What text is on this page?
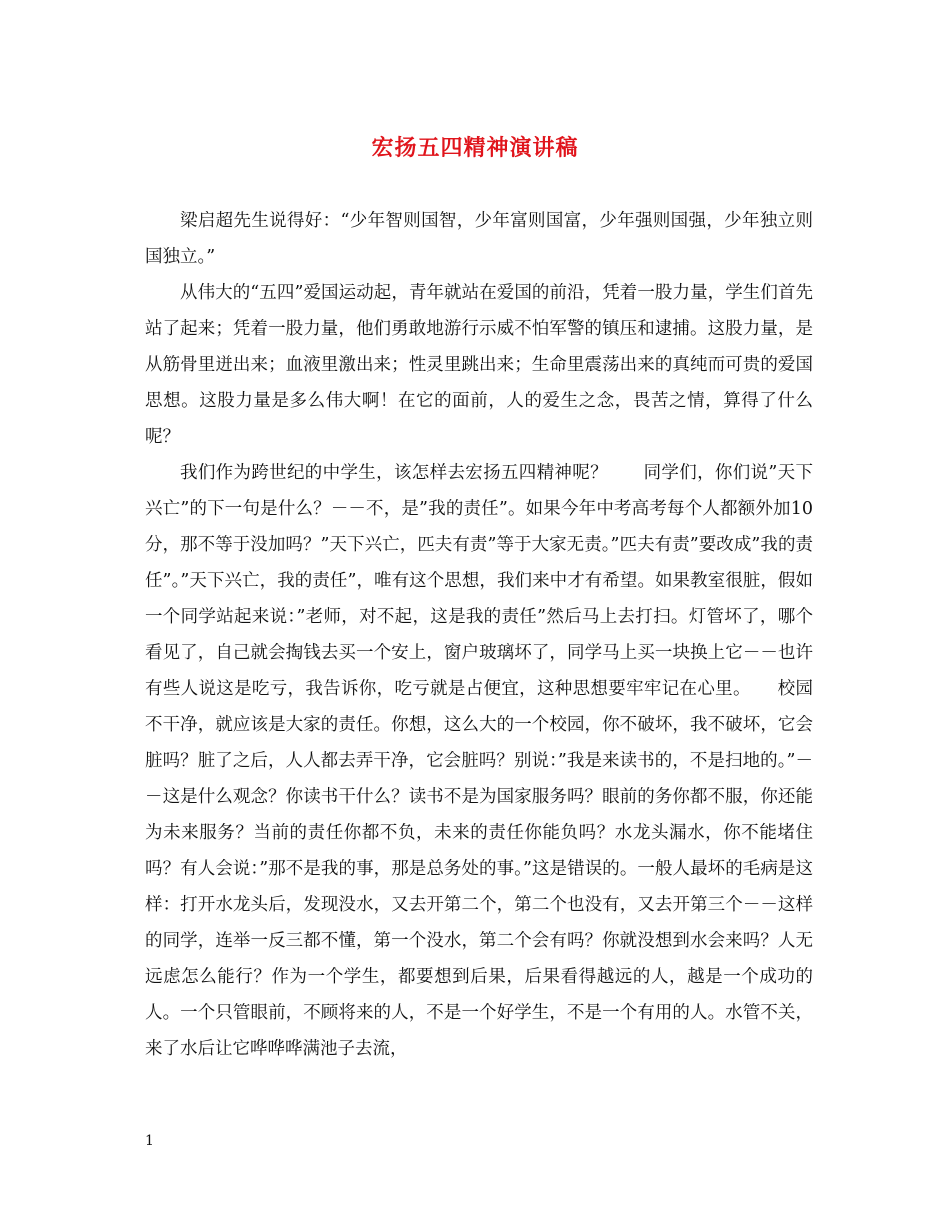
宏扬五四精神演讲稿

梁启超先生说得好：“少年智则国智，少年富则国富，少年强则国强，少年独立则国独立。”

从伟大的“五四”爱国运动起，青年就站在爱国的前沿，凭着一股力量，学生们首先站了起来；凭着一股力量，他们勇敢地游行示威不怕军警的镇压和逮捕。这股力量，是从筋骨里迸出来；血液里激出来；性灵里跳出来；生命里震荡出来的真纯而可贵的爱国思想。这股力量是多么伟大啊！在它的面前，人的爱生之念，畏苦之情，算得了什么呢？

我们作为跨世纪的中学生，该怎样去宏扬五四精神呢？　　同学们，你们说”天下兴亡”的下一句是什么？－－不，是”我的责任”。如果今年中考高考每个人都额外加10分，那不等于没加吗？”天下兴亡，匹夫有责”等于大家无责。”匹夫有责”要改成”我的责任”。”天下兴亡，我的责任”，唯有这个思想，我们来中才有希望。如果教室很脏，假如一个同学站起来说：”老师，对不起，这是我的责任”然后马上去打扫。灯管坏了，哪个看见了，自己就会掏钱去买一个安上，窗户玻璃坏了，同学马上买一块换上它－－也许有些人说这是吃亏，我告诉你，吃亏就是占便宜，这种思想要牢牢记在心里。　　校园不干净，就应该是大家的责任。你想，这么大的一个校园，你不破坏，我不破坏，它会脏吗？脏了之后，人人都去弄干净，它会脏吗？别说：”我是来读书的，不是扫地的。”－－这是什么观念？你读书干什么？读书不是为国家服务吗？眼前的务你都不服，你还能为未来服务？当前的责任你都不负，未来的责任你能负吗？水龙头漏水，你不能堵住吗？有人会说：”那不是我的事，那是总务处的事。”这是错误的。一般人最坏的毛病是这样：打开水龙头后，发现没水，又去开第二个，第二个也没有，又去开第三个－－这样的同学，连举一反三都不懂，第一个没水，第二个会有吗？你就没想到水会来吗？人无远虑怎么能行？作为一个学生，都要想到后果，后果看得越远的人，越是一个成功的人。一个只管眼前，不顾将来的人，不是一个好学生，不是一个有用的人。水管不关，来了水后让它哗哗哗满池子去流，

1
